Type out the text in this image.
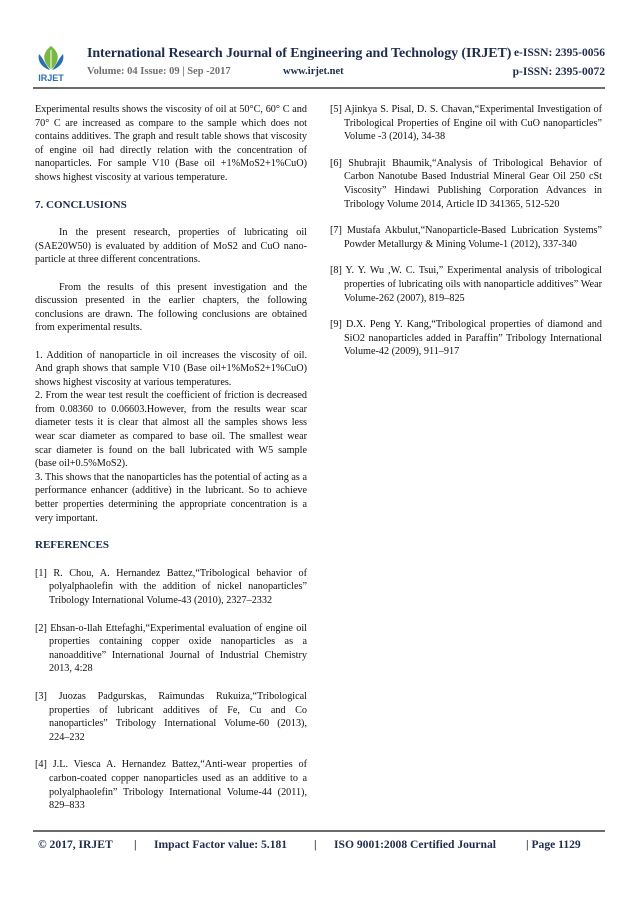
IRJET
International Research Journal of Engineering and Technology (IRJET) e-ISSN: 2395-0056
Volume: 04 Issue: 09 | Sep -2017	www.irjet.net	p-ISSN: 2395-0072

Experimental results shows the viscosity of oil at 50°C, 60° C and 70° C are increased as compare to the sample which does not contains additives. The graph and result table shows that viscosity of engine oil had directly relation with the concentration of nanoparticles. For sample V10 (Base oil +1%MoS2+1%CuO) shows highest viscosity at various temperature.

7. CONCLUSIONS

In the present research, properties of lubricating oil (SAE20W50) is evaluated by addition of MoS2 and CuO nano-particle at three different concentrations.

From the results of this present investigation and the discussion presented in the earlier chapters, the following conclusions are drawn. The following conclusions are obtained from experimental results.

1. Addition of nanoparticle in oil increases the viscosity of oil. And graph shows that sample V10 (Base oil+1%MoS2+1%CuO) shows highest viscosity at various temperatures.
2. From the wear test result the coefficient of friction is decreased from 0.08360 to 0.06603.However, from the results wear scar diameter tests it is clear that almost all the samples shows less wear scar diameter as compared to base oil. The smallest wear scar diameter is found on the ball lubricated with W5 sample (base oil+0.5%MoS2).
3. This shows that the nanoparticles has the potential of acting as a performance enhancer (additive) in the lubricant. So to achieve better properties determining the appropriate concentration is a very important.
REFERENCES
[1] R. Chou, A. Hernandez Battez,“Tribological behavior of polyalphaolefin with the addition of nickel nanoparticles” Tribology International Volume-43 (2010), 2327–2332
[2] Ehsan-o-llah Ettefaghi,“Experimental evaluation of engine oil properties containing copper oxide nanoparticles as a nanoadditive” International Journal of Industrial Chemistry 2013, 4:28
[3] Juozas Padgurskas, Raimundas Rukuiza,“Tribological properties of lubricant additives of Fe, Cu and Co nanoparticles” Tribology International Volume-60 (2013), 224–232
[4] J.L. Viesca A. Hernandez Battez,“Anti-wear properties of carbon-coated copper nanoparticles used as an additive to a polyalphaolefin” Tribology International Volume-44 (2011), 829–833
[5] Ajinkya S. Pisal, D. S. Chavan,“Experimental Investigation of Tribological Properties of Engine oil with CuO nanoparticles” Volume -3 (2014), 34-38
[6] Shubrajit Bhaumik,“Analysis of Tribological Behavior of Carbon Nanotube Based Industrial Mineral Gear Oil 250 cSt Viscosity” Hindawi Publishing Corporation Advances in Tribology Volume 2014, Article ID 341365, 512-520
[7] Mustafa Akbulut,“Nanoparticle-Based Lubrication Systems” Powder Metallurgy & Mining Volume-1 (2012), 337-340
[8] Y. Y. Wu ,W. C. Tsui,” Experimental analysis of tribological properties of lubricating oils with nanoparticle additives” Wear Volume-262 (2007), 819–825
[9] D.X. Peng Y. Kang,“Tribological properties of diamond and SiO2 nanoparticles added in Paraffin” Tribology International Volume-42 (2009), 911–917
© 2017, IRJET | Impact Factor value: 5.181 | ISO 9001:2008 Certified Journal	| Page 1129
